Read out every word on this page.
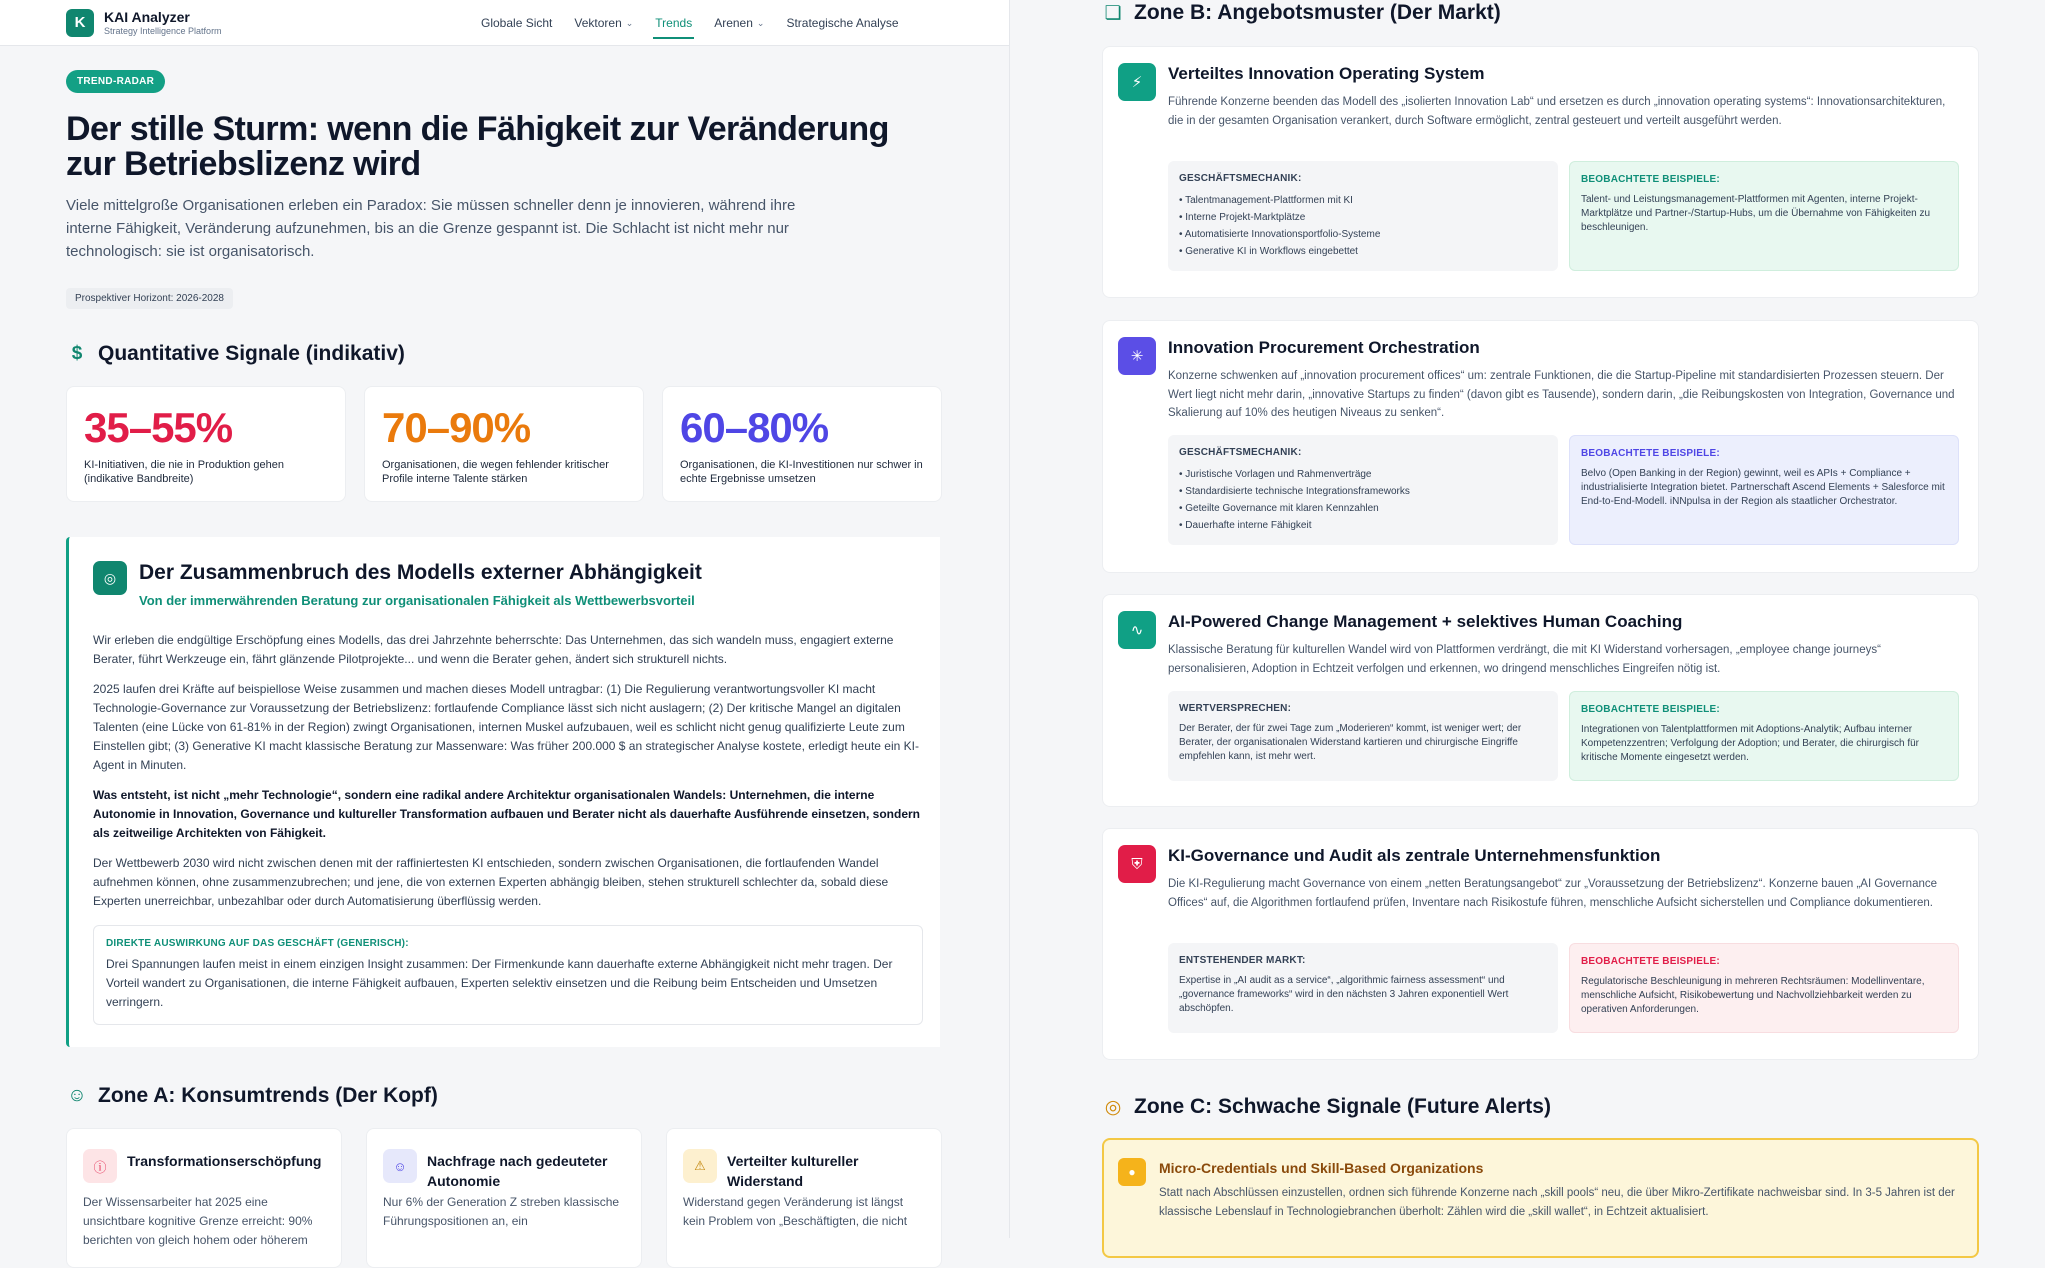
K	KAI Analyzer
Strategy Intelligence Platform
Globale Sicht Vektoren ⌄ Trends Arenen ⌄ Strategische Analyse
TREND-RADAR
Der stille Sturm: wenn die Fähigkeit zur Veränderung zur Betriebslizenz wird

Viele mittelgroße Organisationen erleben ein Paradox: Sie müssen schneller denn je innovieren, während ihre interne Fähigkeit, Veränderung aufzunehmen, bis an die Grenze gespannt ist. Die Schlacht ist nicht mehr nur technologisch: sie ist organisatorisch.

Prospektiver Horizont: 2026-2028
$ Quantitative Signale (indikativ)
35–55%
KI-Initiativen, die nie in Produktion gehen (indikative Bandbreite)
70–90%
Organisationen, die wegen fehlender kritischer Profile interne Talente stärken
60–80%
Organisationen, die KI-Investitionen nur schwer in echte Ergebnisse umsetzen
◎	Der Zusammenbruch des Modells externer Abhängigkeit
Von der immerwährenden Beratung zur organisationalen Fähigkeit als Wettbewerbsvorteil

Wir erleben die endgültige Erschöpfung eines Modells, das drei Jahrzehnte beherrschte: Das Unternehmen, das sich wandeln muss, engagiert externe Berater, führt Werkzeuge ein, fährt glänzende Pilotprojekte... und wenn die Berater gehen, ändert sich strukturell nichts.

2025 laufen drei Kräfte auf beispiellose Weise zusammen und machen dieses Modell untragbar: (1) Die Regulierung verantwortungsvoller KI macht Technologie-Governance zur Voraussetzung der Betriebslizenz: fortlaufende Compliance lässt sich nicht auslagern; (2) Der kritische Mangel an digitalen Talenten (eine Lücke von 61-81% in der Region) zwingt Organisationen, internen Muskel aufzubauen, weil es schlicht nicht genug qualifizierte Leute zum Einstellen gibt; (3) Generative KI macht klassische Beratung zur Massenware: Was früher 200.000 $ an strategischer Analyse kostete, erledigt heute ein KI-Agent in Minuten.

Was entsteht, ist nicht „mehr Technologie“, sondern eine radikal andere Architektur organisationalen Wandels: Unternehmen, die interne Autonomie in Innovation, Governance und kultureller Transformation aufbauen und Berater nicht als dauerhafte Ausführende einsetzen, sondern als zeitweilige Architekten von Fähigkeit.

Der Wettbewerb 2030 wird nicht zwischen denen mit der raffiniertesten KI entschieden, sondern zwischen Organisationen, die fortlaufenden Wandel aufnehmen können, ohne zusammenzubrechen; und jene, die von externen Experten abhängig bleiben, stehen strukturell schlechter da, sobald diese Experten unerreichbar, unbezahlbar oder durch Automatisierung überflüssig werden.

DIREKTE AUSWIRKUNG AUF DAS GESCHÄFT (GENERISCH):
Drei Spannungen laufen meist in einem einzigen Insight zusammen: Der Firmenkunde kann dauerhafte externe Abhängigkeit nicht mehr tragen. Der Vorteil wandert zu Organisationen, die interne Fähigkeit aufbauen, Experten selektiv einsetzen und die Reibung beim Entscheiden und Umsetzen verringern.
☺ Zone A: Konsumtrends (Der Kopf)
ⓘ	Transformationserschöpfung
Der Wissensarbeiter hat 2025 eine unsichtbare kognitive Grenze erreicht: 90% berichten von gleich hohem oder höherem
☺	Nachfrage nach gedeuteter Autonomie
Nur 6% der Generation Z streben klassische Führungspositionen an, ein
⚠	Verteilter kultureller Widerstand
Widerstand gegen Veränderung ist längst kein Problem von „Beschäftigten, die nicht
❏ Zone B: Angebotsmuster (Der Markt)
⚡	Verteiltes Innovation Operating System
Führende Konzerne beenden das Modell des „isolierten Innovation Lab“ und ersetzen es durch „innovation operating systems“: Innovationsarchitekturen, die in der gesamten Organisation verankert, durch Software ermöglicht, zentral gesteuert und verteilt ausgeführt werden.
GESCHÄFTSMECHANIK:
• Talentmanagement-Plattformen mit KI
• Interne Projekt-Marktplätze
• Automatisierte Innovationsportfolio-Systeme
• Generative KI in Workflows eingebettet
BEOBACHTETE BEISPIELE:
Talent- und Leistungsmanagement-Plattformen mit Agenten, interne Projekt-Marktplätze und Partner-/Startup-Hubs, um die Übernahme von Fähigkeiten zu beschleunigen.
✳	Innovation Procurement Orchestration
Konzerne schwenken auf „innovation procurement offices“ um: zentrale Funktionen, die die Startup-Pipeline mit standardisierten Prozessen steuern. Der Wert liegt nicht mehr darin, „innovative Startups zu finden“ (davon gibt es Tausende), sondern darin, „die Reibungskosten von Integration, Governance und Skalierung auf 10% des heutigen Niveaus zu senken“.
GESCHÄFTSMECHANIK:
• Juristische Vorlagen und Rahmenverträge
• Standardisierte technische Integrationsframeworks
• Geteilte Governance mit klaren Kennzahlen
• Dauerhafte interne Fähigkeit
BEOBACHTETE BEISPIELE:
Belvo (Open Banking in der Region) gewinnt, weil es APIs + Compliance + industrialisierte Integration bietet. Partnerschaft Ascend Elements + Salesforce mit End-to-End-Modell. iNNpulsa in der Region als staatlicher Orchestrator.
∿	AI-Powered Change Management + selektives Human Coaching
Klassische Beratung für kulturellen Wandel wird von Plattformen verdrängt, die mit KI Widerstand vorhersagen, „employee change journeys“ personalisieren, Adoption in Echtzeit verfolgen und erkennen, wo dringend menschliches Eingreifen nötig ist.
WERTVERSPRECHEN:
Der Berater, der für zwei Tage zum „Moderieren“ kommt, ist weniger wert; der Berater, der organisationalen Widerstand kartieren und chirurgische Eingriffe empfehlen kann, ist mehr wert.
BEOBACHTETE BEISPIELE:
Integrationen von Talentplattformen mit Adoptions-Analytik; Aufbau interner Kompetenzzentren; Verfolgung der Adoption; und Berater, die chirurgisch für kritische Momente eingesetzt werden.
⛨	KI-Governance und Audit als zentrale Unternehmensfunktion
Die KI-Regulierung macht Governance von einem „netten Beratungsangebot“ zur „Voraussetzung der Betriebslizenz“. Konzerne bauen „AI Governance Offices“ auf, die Algorithmen fortlaufend prüfen, Inventare nach Risikostufe führen, menschliche Aufsicht sicherstellen und Compliance dokumentieren.
ENTSTEHENDER MARKT:
Expertise in „AI audit as a service“, „algorithmic fairness assessment“ und „governance frameworks“ wird in den nächsten 3 Jahren exponentiell Wert abschöpfen.
BEOBACHTETE BEISPIELE:
Regulatorische Beschleunigung in mehreren Rechtsräumen: Modellinventare, menschliche Aufsicht, Risikobewertung und Nachvollziehbarkeit werden zu operativen Anforderungen.
◎ Zone C: Schwache Signale (Future Alerts)
●	Micro-Credentials und Skill-Based Organizations
Statt nach Abschlüssen einzustellen, ordnen sich führende Konzerne nach „skill pools“ neu, die über Mikro-Zertifikate nachweisbar sind. In 3-5 Jahren ist der klassische Lebenslauf in Technologiebranchen überholt: Zählen wird die „skill wallet“, in Echtzeit aktualisiert.
